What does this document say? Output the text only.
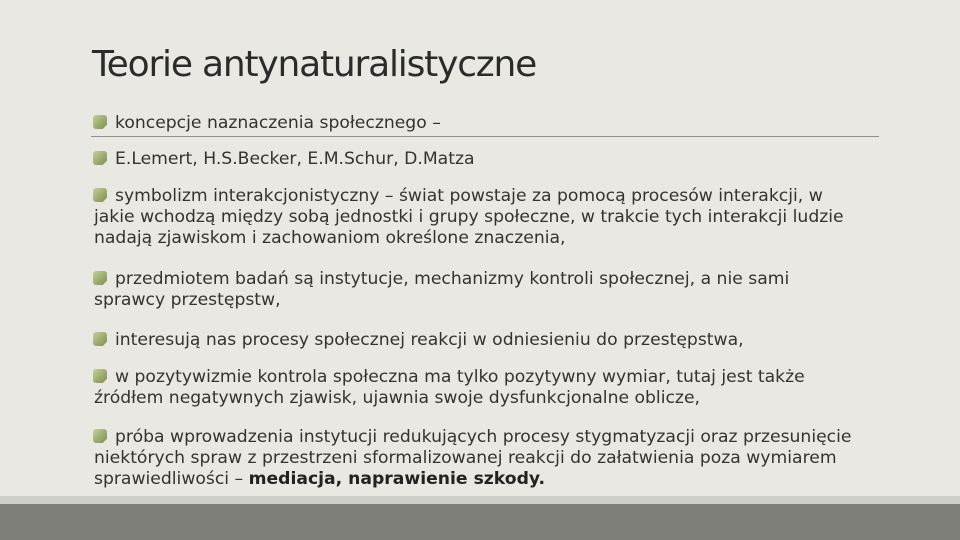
Teorie antynaturalistyczne
koncepcje naznaczenia społecznego –
E.Lemert, H.S.Becker, E.M.Schur, D.Matza
symbolizm interakcjonistyczny – świat powstaje za pomocą procesów interakcji, w
jakie wchodzą między sobą jednostki i grupy społeczne, w trakcie tych interakcji ludzie
nadają zjawiskom i zachowaniom określone znaczenia,
przedmiotem badań są instytucje, mechanizmy kontroli społecznej, a nie sami
sprawcy przestępstw,
interesują nas procesy społecznej reakcji w odniesieniu do przestępstwa,
w pozytywizmie kontrola społeczna ma tylko pozytywny wymiar, tutaj jest także
źródłem negatywnych zjawisk, ujawnia swoje dysfunkcjonalne oblicze,
próba wprowadzenia instytucji redukujących procesy stygmatyzacji oraz przesunięcie
niektórych spraw z przestrzeni sformalizowanej reakcji do załatwienia poza wymiarem
sprawiedliwości – mediacja, naprawienie szkody.
